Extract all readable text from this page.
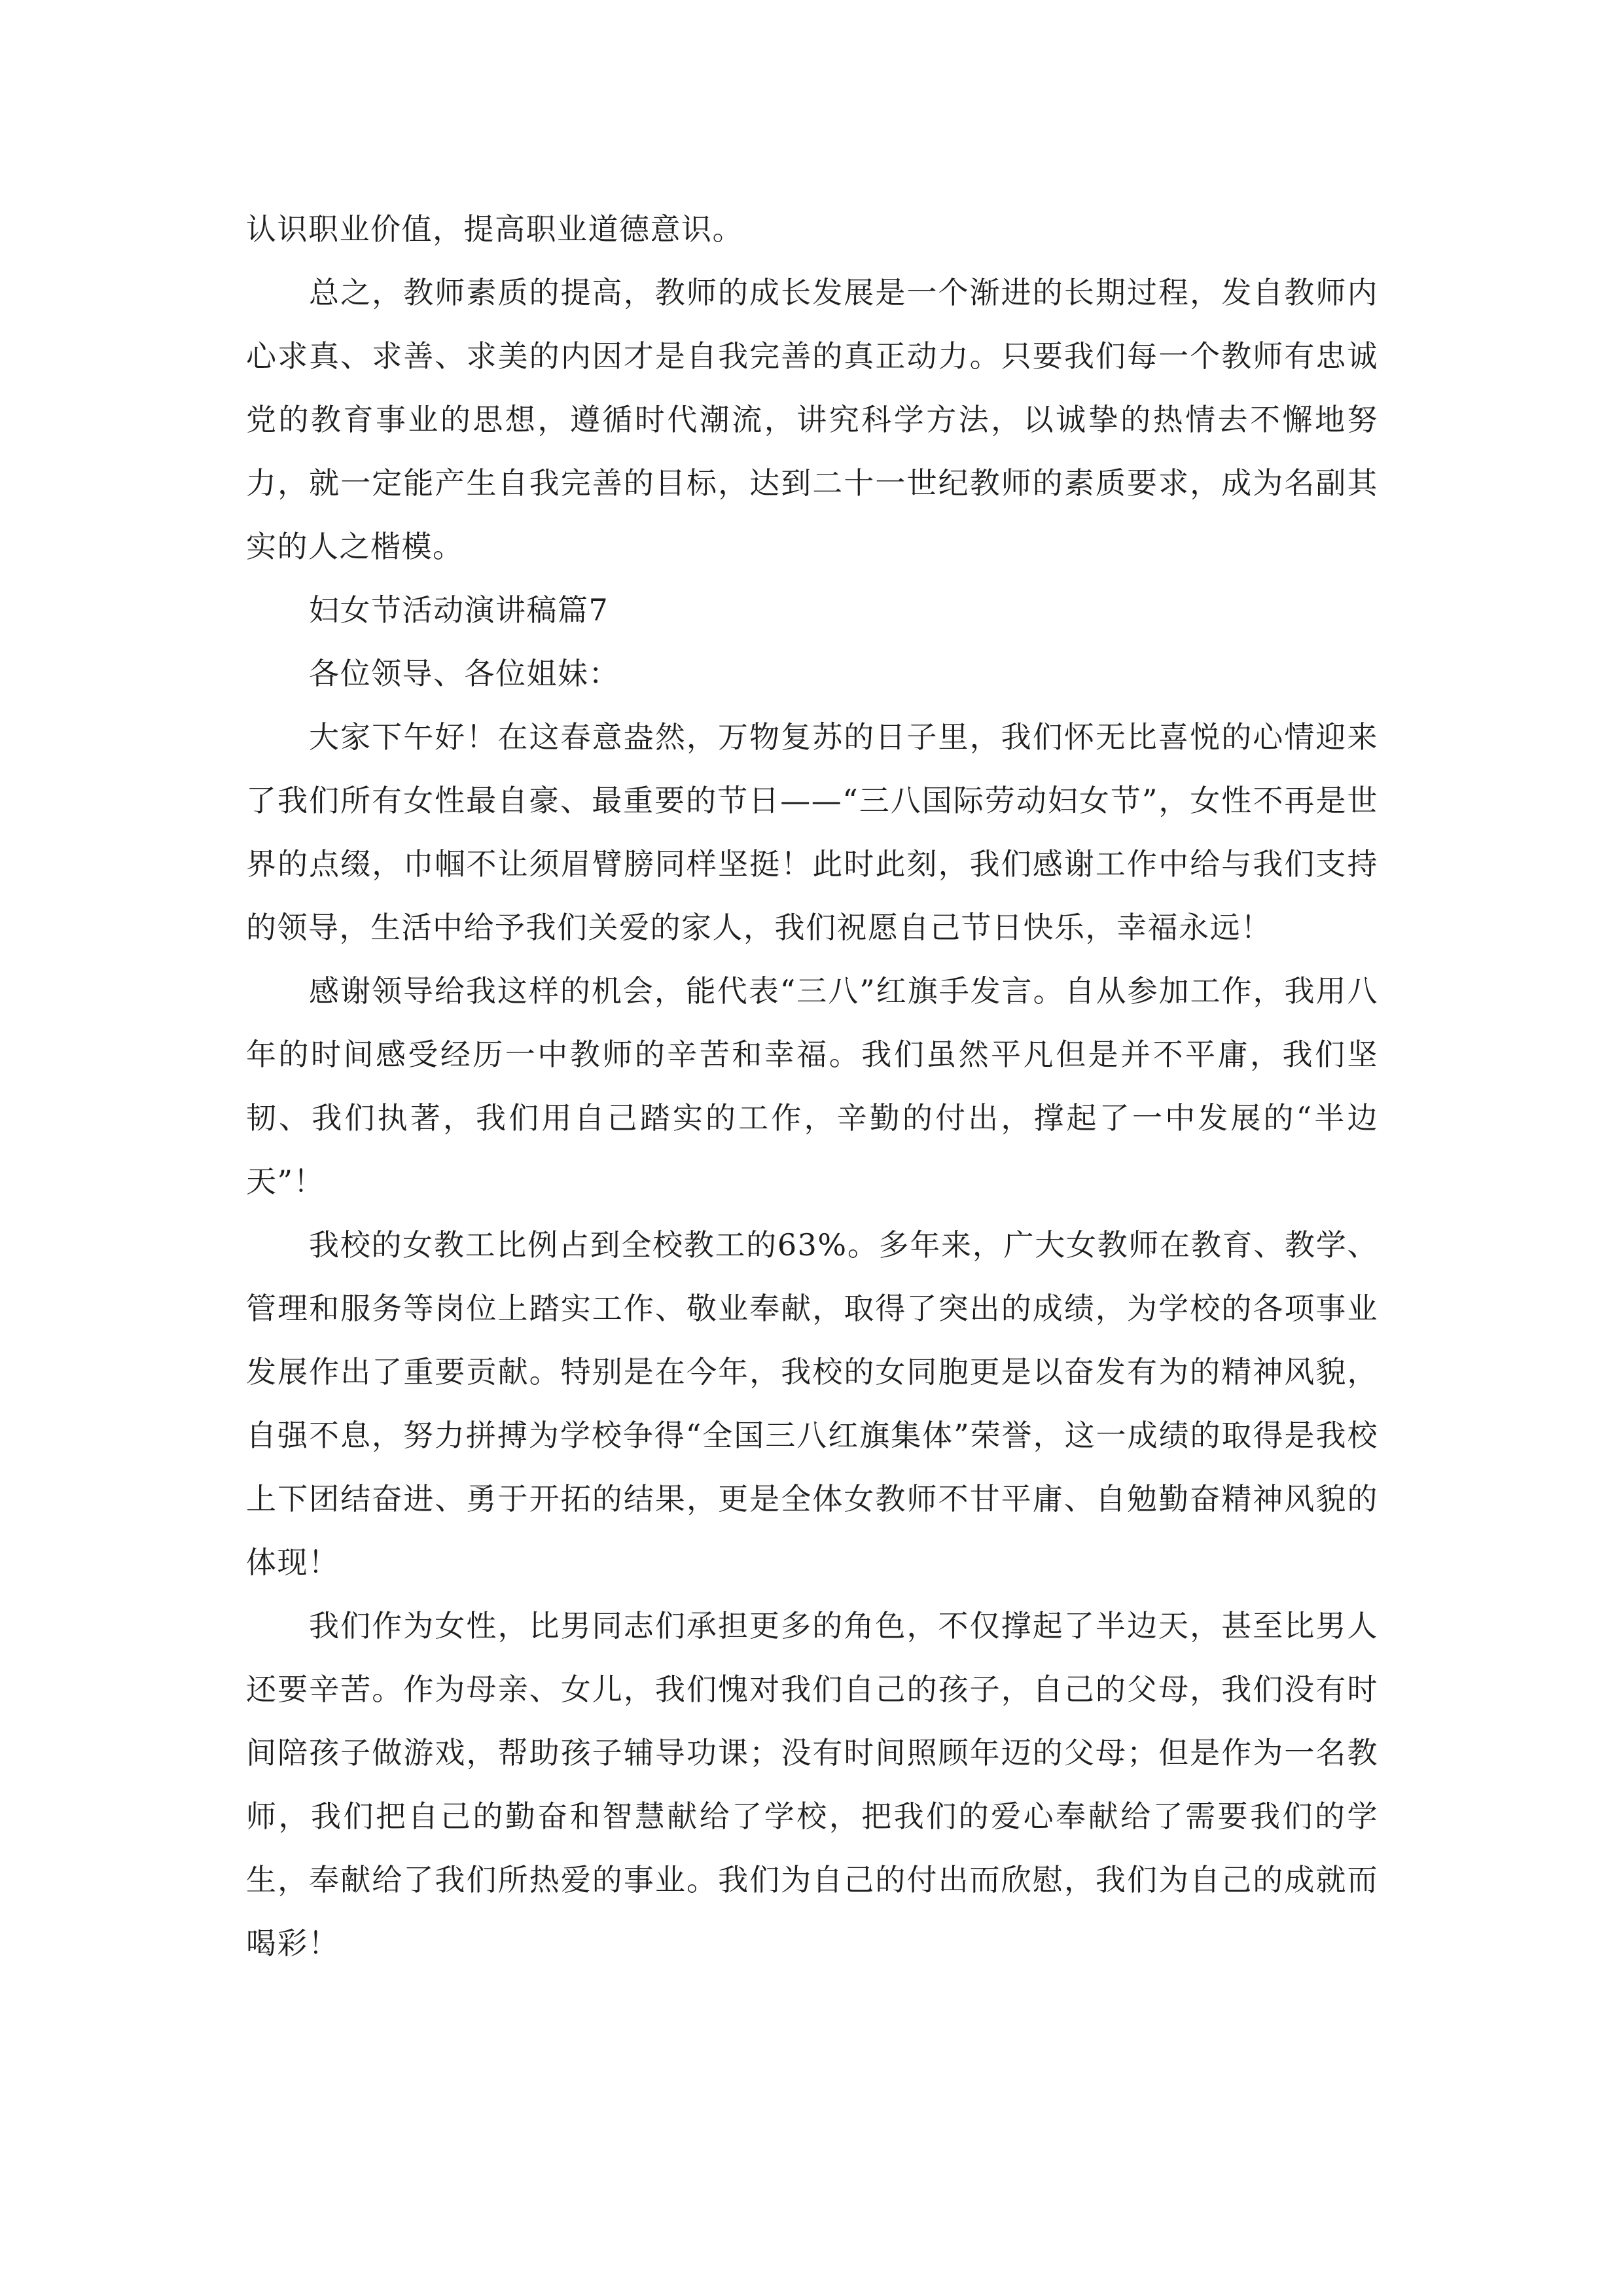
认识职业价值，提高职业道德意识。

总之，教师素质的提高，教师的成长发展是一个渐进的长期过程，发自教师内心求真、求善、求美的内因才是自我完善的真正动力。只要我们每一个教师有忠诚党的教育事业的思想，遵循时代潮流，讲究科学方法，以诚挚的热情去不懈地努力，就一定能产生自我完善的目标，达到二十一世纪教师的素质要求，成为名副其实的人之楷模。

妇女节活动演讲稿篇7

各位领导、各位姐妹：

大家下午好！在这春意盎然，万物复苏的日子里，我们怀无比喜悦的心情迎来了我们所有女性最自豪、最重要的节日——“三八国际劳动妇女节”，女性不再是世界的点缀，巾帼不让须眉臂膀同样坚挺！此时此刻，我们感谢工作中给与我们支持的领导，生活中给予我们关爱的家人，我们祝愿自己节日快乐，幸福永远！

感谢领导给我这样的机会，能代表“三八”红旗手发言。自从参加工作，我用八年的时间感受经历一中教师的辛苦和幸福。我们虽然平凡但是并不平庸，我们坚韧、我们执著，我们用自己踏实的工作，辛勤的付出，撑起了一中发展的“半边天”！

我校的女教工比例占到全校教工的63%。多年来，广大女教师在教育、教学、管理和服务等岗位上踏实工作、敬业奉献，取得了突出的成绩，为学校的各项事业发展作出了重要贡献。特别是在今年，我校的女同胞更是以奋发有为的精神风貌，自强不息，努力拼搏为学校争得“全国三八红旗集体”荣誉，这一成绩的取得是我校上下团结奋进、勇于开拓的结果，更是全体女教师不甘平庸、自勉勤奋精神风貌的体现！

我们作为女性，比男同志们承担更多的角色，不仅撑起了半边天，甚至比男人还要辛苦。作为母亲、女儿，我们愧对我们自己的孩子，自己的父母，我们没有时间陪孩子做游戏，帮助孩子辅导功课；没有时间照顾年迈的父母；但是作为一名教师，我们把自己的勤奋和智慧献给了学校，把我们的爱心奉献给了需要我们的学生，奉献给了我们所热爱的事业。我们为自己的付出而欣慰，我们为自己的成就而喝彩！
